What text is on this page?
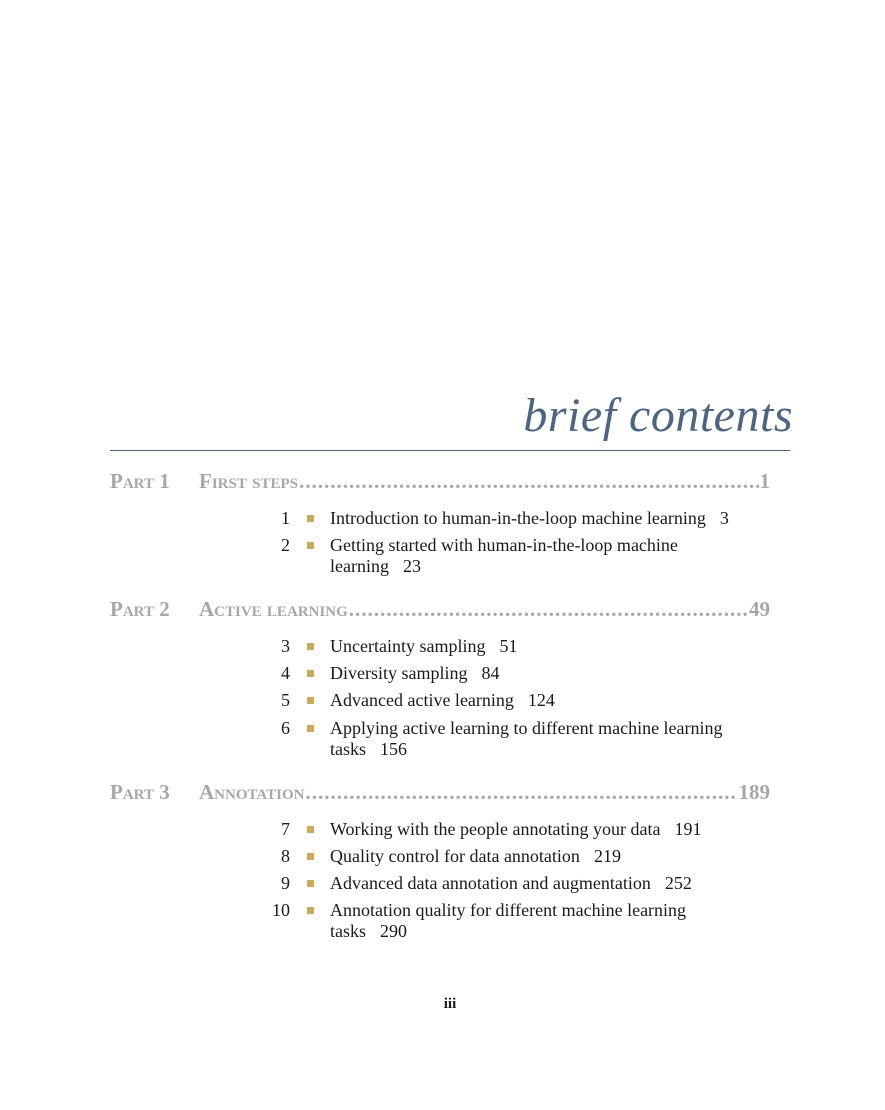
brief contents
Part 1	First steps .....	1
1 Introduction to human-in-the-loop machine learning 3
2 Getting started with human-in-the-loop machine learning 23
Part 2	Active learning .....	49
3 Uncertainty sampling 51
4 Diversity sampling 84
5 Advanced active learning 124
6 Applying active learning to different machine learning tasks 156
Part 3	Annotation .....	189
7 Working with the people annotating your data 191
8 Quality control for data annotation 219
9 Advanced data annotation and augmentation 252
10 Annotation quality for different machine learning tasks 290
iii
